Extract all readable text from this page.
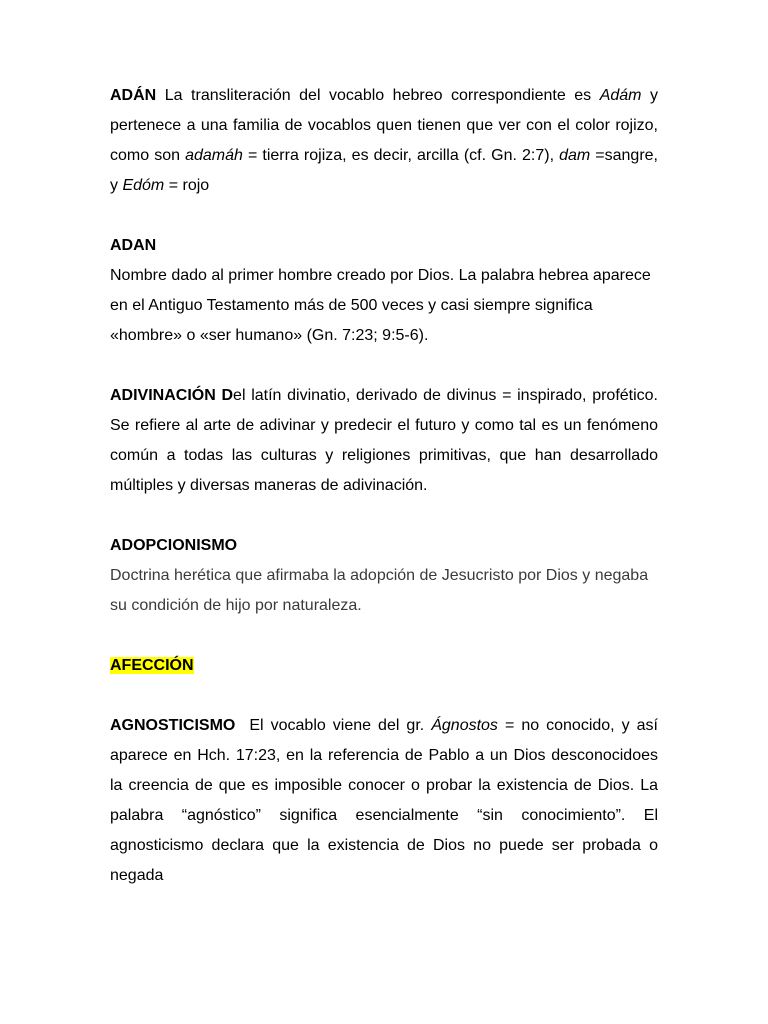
ADÁN La transliteración del vocablo hebreo correspondiente es Adám y pertenece a una familia de vocablos quen tienen que ver con el color rojizo, como son adamáh = tierra rojiza, es decir, arcilla (cf. Gn. 2:7), dam =sangre, y Edóm = rojo

ADAN
Nombre dado al primer hombre creado por Dios. La palabra hebrea aparece en el Antiguo Testamento más de 500 veces y casi siempre significa «hombre» o «ser humano» (Gn. 7:23; 9:5-6).

ADIVINACIÓN Del latín divinatio, derivado de divinus = inspirado, profético. Se refiere al arte de adivinar y predecir el futuro y como tal es un fenómeno común a todas las culturas y religiones primitivas, que han desarrollado múltiples y diversas maneras de adivinación.

ADOPCIONISMO
Doctrina herética que afirmaba la adopción de Jesucristo por Dios y negaba su condición de hijo por naturaleza.

AFECCIÓN

AGNOSTICISMO  El vocablo viene del gr. Ágnostos = no conocido, y así aparece en Hch. 17:23, en la referencia de Pablo a un Dios desconocidoes la creencia de que es imposible conocer o probar la existencia de Dios. La palabra “agnóstico” significa esencialmente “sin conocimiento”. El agnosticismo declara que la existencia de Dios no puede ser probada o negada
